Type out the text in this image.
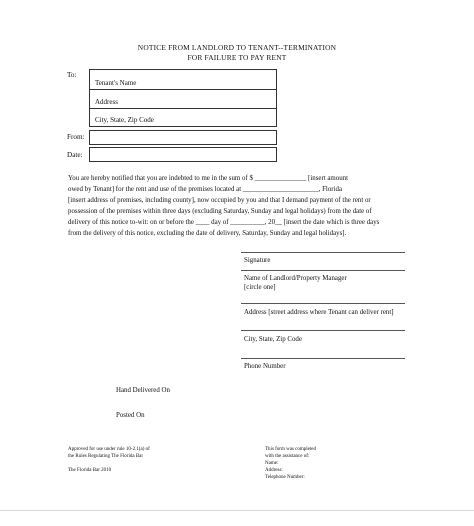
NOTICE FROM LANDLORD TO TENANT--TERMINATION
FOR FAILURE TO PAY RENT
To:
Tenant's Name
Address
City, State, Zip Code
From:
Date:
You are hereby notified that you are indebted to me in the sum of $ _______________ [insert amount
owed by Tenant] for the rent and use of the premises located at ______________________, Florida
[insert address of premises, including county], now occupied by you and that I demand payment of the rent or
possession of the premises within three days (excluding Saturday, Sunday and legal holidays) from the date of
delivery of this notice to-wit: on or before the ____ day of __________, 20__ [insert the date which is three days
from the delivery of this notice, excluding the date of delivery, Saturday, Sunday and legal holidays].
Signature
Name of Landlord/Property Manager
[circle one]
Address [street address where Tenant can deliver rent]
City, State, Zip Code
Phone Number
Hand Delivered On
Posted On
Approved for use under rule 10-2.1(a) of
the Rules Regulating The Florida Bar

The Florida Bar 2010
This form was completed
with the assistance of:
Name:
Address:
Telephone Number:
